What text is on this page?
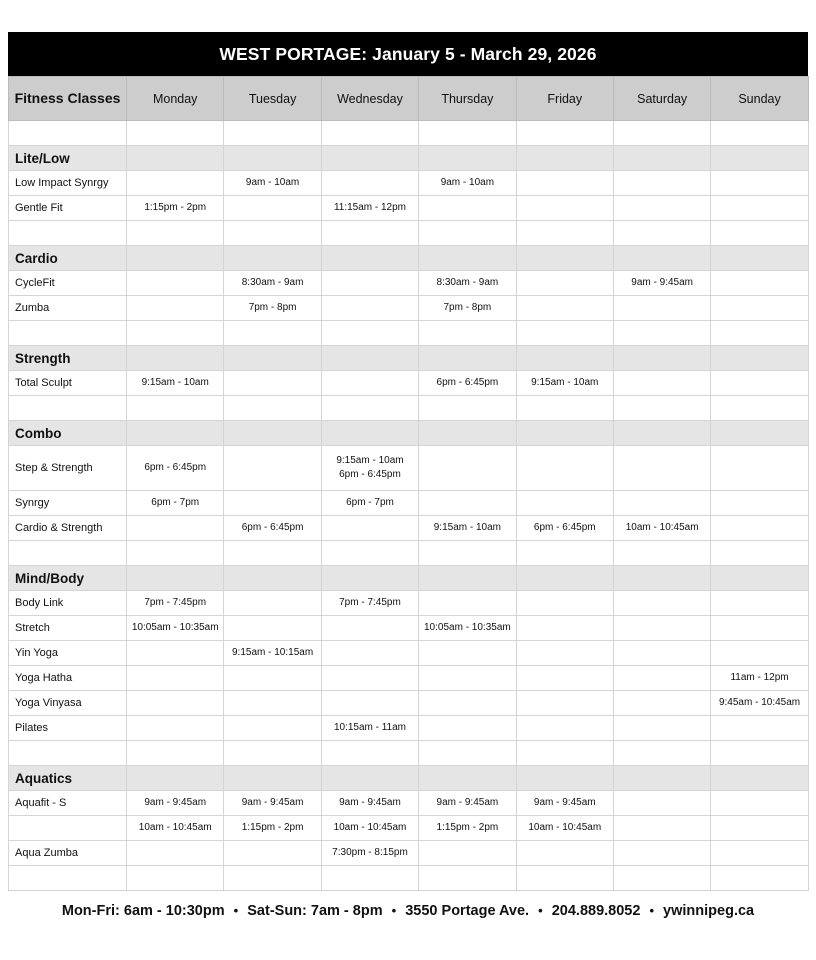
WEST PORTAGE: January 5 - March 29, 2026
Fitness Classes	Monday	Tuesday	Wednesday	Thursday	Friday	Saturday	Sunday

Lite/Low							
Low Impact Synrgy		9am - 10am		9am - 10am			
Gentle Fit	1:15pm - 2pm		11:15am - 12pm				

Cardio							
CycleFit		8:30am - 9am		8:30am - 9am		9am - 9:45am	
Zumba		7pm - 8pm		7pm - 8pm			

Strength							
Total Sculpt	9:15am - 10am			6pm - 6:45pm	9:15am - 10am		

Combo							
Step & Strength	6pm - 6:45pm		9:15am - 10am
6pm - 6:45pm				
Synrgy	6pm - 7pm		6pm - 7pm				
Cardio & Strength		6pm - 6:45pm		9:15am - 10am	6pm - 6:45pm	10am - 10:45am	

Mind/Body							
Body Link	7pm - 7:45pm		7pm - 7:45pm				
Stretch	10:05am - 10:35am			10:05am - 10:35am			
Yin Yoga		9:15am - 10:15am					
Yoga Hatha							11am - 12pm
Yoga Vinyasa							9:45am - 10:45am
Pilates			10:15am - 11am				

Aquatics							
Aquafit - S	9am - 9:45am	9am - 9:45am	9am - 9:45am	9am - 9:45am	9am - 9:45am		
	10am - 10:45am	1:15pm - 2pm	10am - 10:45am	1:15pm - 2pm	10am - 10:45am		
Aqua Zumba			7:30pm - 8:15pm				

Mon-Fri: 6am - 10:30pm • Sat-Sun: 7am - 8pm • 3550 Portage Ave. • 204.889.8052 • ywinnipeg.ca
